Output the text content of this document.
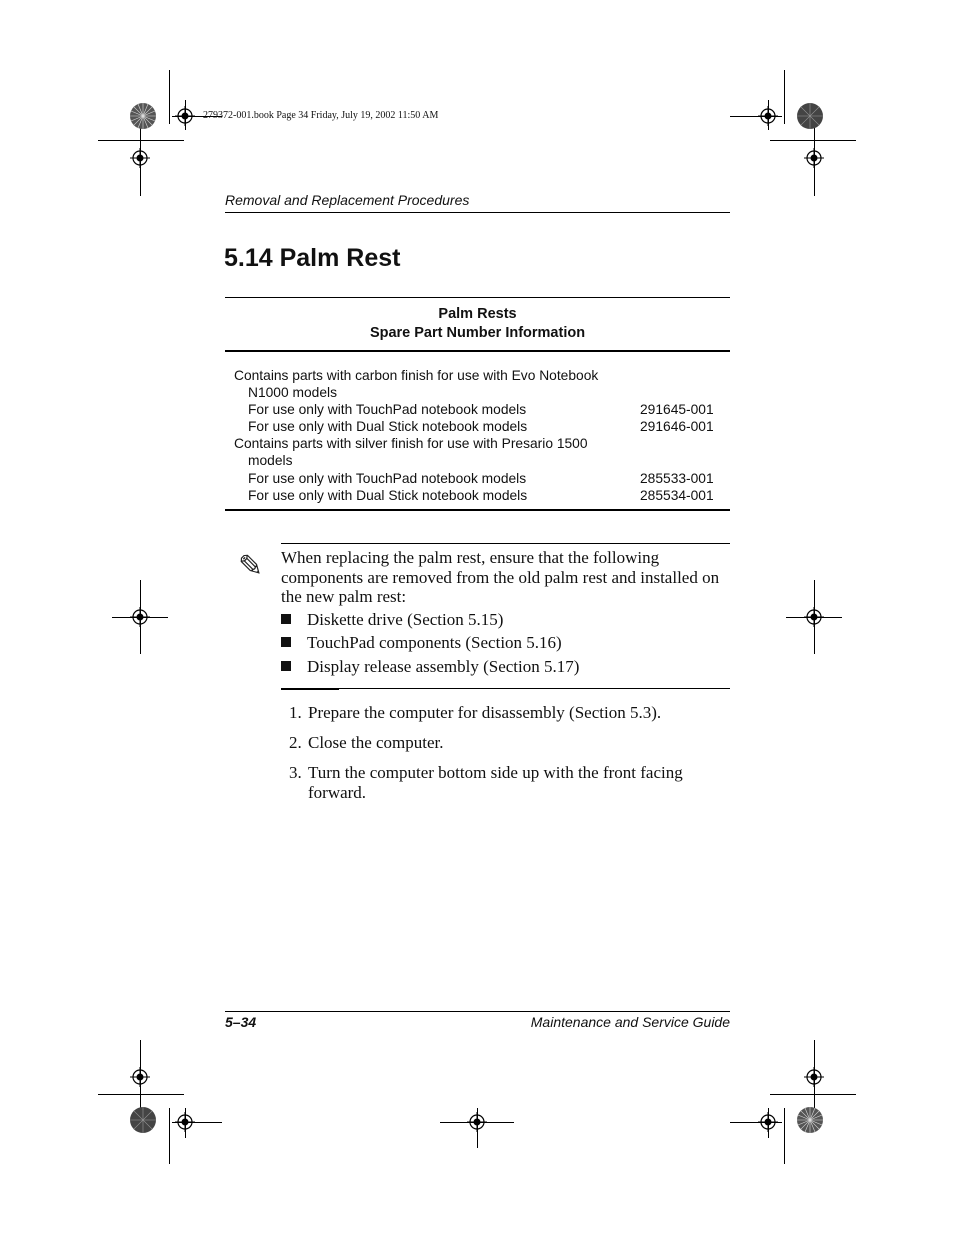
279372-001.book Page 34 Friday, July 19, 2002 11:50 AM
Removal and Replacement Procedures
5.14 Palm Rest
Palm Rests
Spare Part Number Information
Contains parts with carbon finish for use with Evo Notebook
N1000 models
For use only with TouchPad notebook models	291645-001
For use only with Dual Stick notebook models	291646-001
Contains parts with silver finish for use with Presario 1500
models
For use only with TouchPad notebook models	285533-001
For use only with Dual Stick notebook models	285534-001
✎ When replacing the palm rest, ensure that the following components are removed from the old palm rest and installed on the new palm rest:
Diskette drive (Section 5.15)
TouchPad components (Section 5.16)
Display release assembly (Section 5.17)
1. Prepare the computer for disassembly (Section 5.3).
2. Close the computer.
3. Turn the computer bottom side up with the front facing
forward.
5–34	Maintenance and Service Guide
